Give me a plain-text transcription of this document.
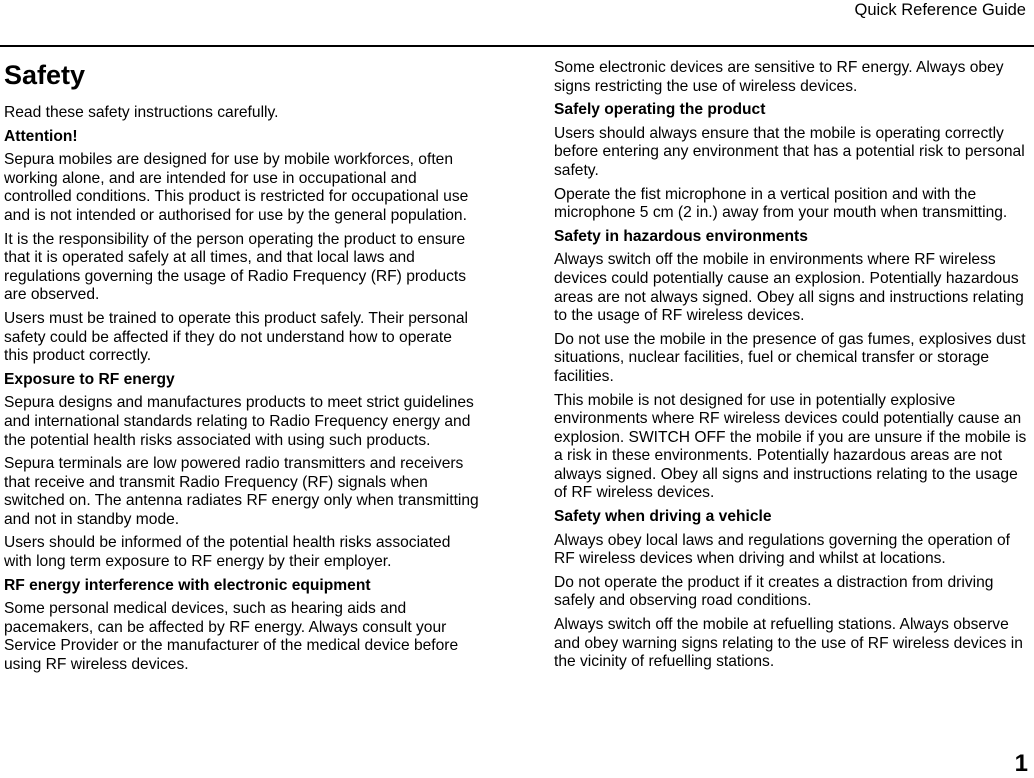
Quick Reference Guide
Safety

Read these safety instructions carefully.

Attention!

Sepura mobiles are designed for use by mobile workforces, often working alone, and are intended for use in occupational and controlled conditions. This product is restricted for occupational use and is not intended or authorised for use by the general population.

It is the responsibility of the person operating the product to ensure that it is operated safely at all times, and that local laws and regulations governing the usage of Radio Frequency (RF) products are observed.

Users must be trained to operate this product safely. Their personal safety could be affected if they do not understand how to operate this product correctly.

Exposure to RF energy

Sepura designs and manufactures products to meet strict guidelines and international standards relating to Radio Frequency energy and the potential health risks associated with using such products.

Sepura terminals are low powered radio transmitters and receivers that receive and transmit Radio Frequency (RF) signals when switched on. The antenna radiates RF energy only when transmitting and not in standby mode.

Users should be informed of the potential health risks associated with long term exposure to RF energy by their employer.

RF energy interference with electronic equipment

Some personal medical devices, such as hearing aids and pacemakers, can be affected by RF energy. Always consult your Service Provider or the manufacturer of the medical device before using RF wireless devices.

Some electronic devices are sensitive to RF energy. Always obey signs restricting the use of wireless devices.

Safely operating the product

Users should always ensure that the mobile is operating correctly before entering any environment that has a potential risk to personal safety.

Operate the fist microphone in a vertical position and with the microphone 5 cm (2 in.) away from your mouth when transmitting.

Safety in hazardous environments

Always switch off the mobile in environments where RF wireless devices could potentially cause an explosion. Potentially hazardous areas are not always signed. Obey all signs and instructions relating to the usage of RF wireless devices.

Do not use the mobile in the presence of gas fumes, explosives dust situations, nuclear facilities, fuel or chemical transfer or storage facilities.

This mobile is not designed for use in potentially explosive environments where RF wireless devices could potentially cause an explosion. SWITCH OFF the mobile if you are unsure if the mobile is a risk in these environments. Potentially hazardous areas are not always signed. Obey all signs and instructions relating to the usage of RF wireless devices.

Safety when driving a vehicle

Always obey local laws and regulations governing the operation of RF wireless devices when driving and whilst at locations.

Do not operate the product if it creates a distraction from driving safely and observing road conditions.

Always switch off the mobile at refuelling stations. Always observe and obey warning signs relating to the use of RF wireless devices in the vicinity of refuelling stations.

1
